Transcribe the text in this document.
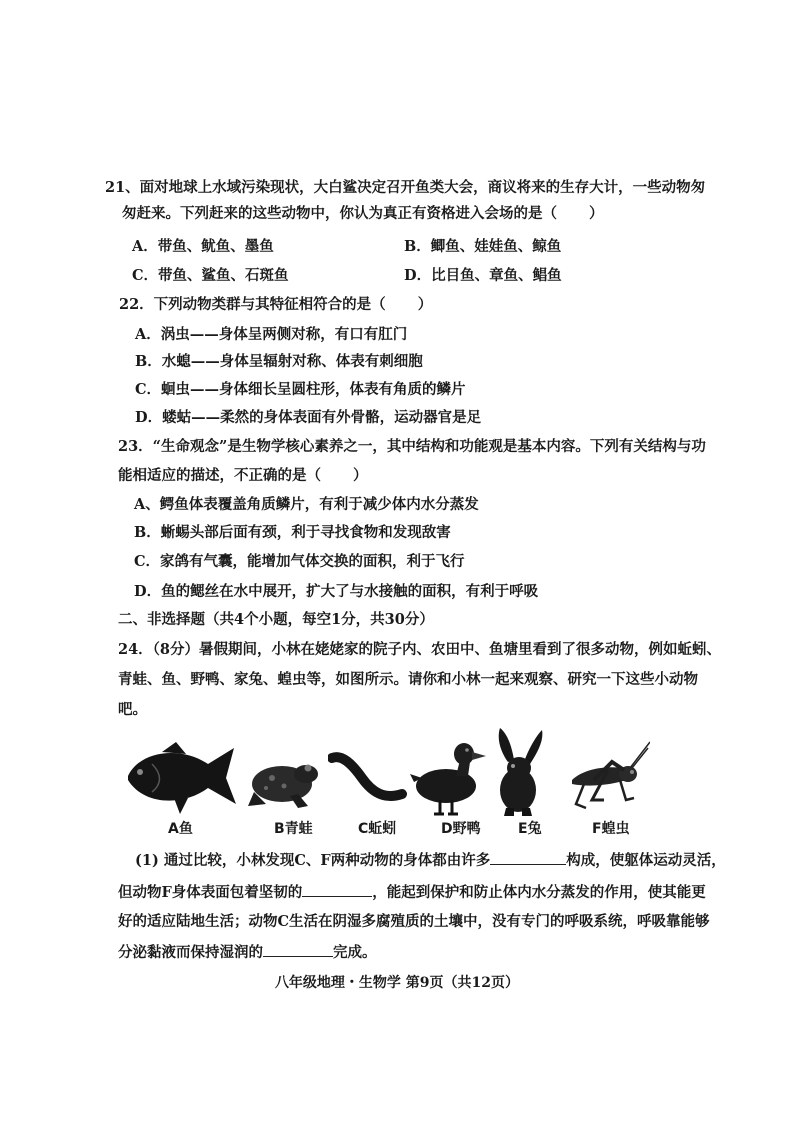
21、面对地球上水域污染现状，大白鲨决定召开鱼类大会，商议将来的生存大计，一些动物匆
匆赶来。下列赶来的这些动物中，你认为真正有资格进入会场的是（ ）
A．带鱼、鱿鱼、墨鱼	B．鲫鱼、娃娃鱼、鲸鱼
C．带鱼、鲨鱼、石斑鱼	D．比目鱼、章鱼、鲳鱼
22．下列动物类群与其特征相符合的是（ ）
A．涡虫——身体呈两侧对称，有口有肛门
B．水螅——身体呈辐射对称、体表有刺细胞
C．蛔虫——身体细长呈圆柱形，体表有角质的鳞片
D．蝼蛄——柔然的身体表面有外骨骼，运动器官是足
23．“生命观念”是生物学核心素养之一，其中结构和功能观是基本内容。下列有关结构与功
能相适应的描述，不正确的是（ ）
A、鳄鱼体表覆盖角质鳞片，有利于减少体内水分蒸发
B．蜥蜴头部后面有颈，利于寻找食物和发现敌害
C．家鸽有气囊，能增加气体交换的面积，利于飞行
D．鱼的鳃丝在水中展开，扩大了与水接触的面积，有利于呼吸
二、非选择题（共4个小题，每空1分，共30分）
24．（8分）暑假期间，小林在姥姥家的院子内、农田中、鱼塘里看到了很多动物，例如蚯蚓、
青蛙、鱼、野鸭、家兔、蝗虫等，如图所示。请你和小林一起来观察、研究一下这些小动物
吧。
A鱼	B青蛙	C蚯蚓	D野鸭	E兔	F蝗虫
(1) 通过比较，小林发现C、F两种动物的身体都由许多	构成，使躯体运动灵活，
但动物F身体表面包着坚韧的	，能起到保护和防止体内水分蒸发的作用，使其能更
好的适应陆地生活；动物C生活在阴湿多腐殖质的土壤中，没有专门的呼吸系统，呼吸靠能够
分泌黏液而保持湿润的	完成。
八年级地理・生物学 第9页（共12页）
